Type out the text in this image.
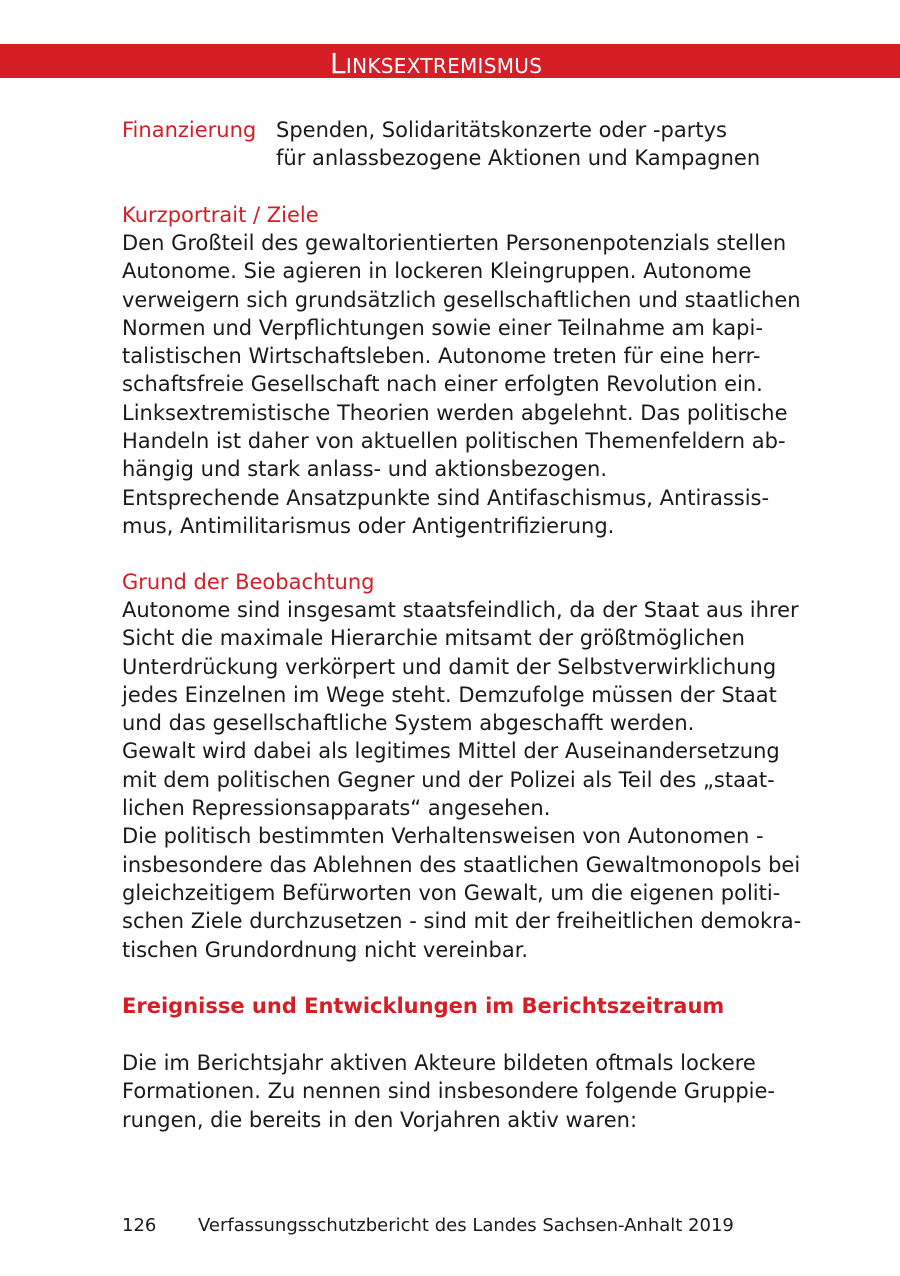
Linksextremismus
Finanzierung Spenden, Solidaritätskonzerte oder -partys
für anlassbezogene Aktionen und Kampagnen
Kurzportrait / Ziele
Den Großteil des gewaltorientierten Personenpotenzials stellen
Autonome. Sie agieren in lockeren Kleingruppen. Autonome
verweigern sich grundsätzlich gesellschaftlichen und staatlichen
Normen und Verpflichtungen sowie einer Teilnahme am kapi-
talistischen Wirtschaftsleben. Autonome treten für eine herr-
schaftsfreie Gesellschaft nach einer erfolgten Revolution ein.
Linksextremistische Theorien werden abgelehnt. Das politische
Handeln ist daher von aktuellen politischen Themenfeldern ab-
hängig und stark anlass- und aktionsbezogen.
Entsprechende Ansatzpunkte sind Antifaschismus, Antirassis-
mus, Antimilitarismus oder Antigentrifizierung.
Grund der Beobachtung
Autonome sind insgesamt staatsfeindlich, da der Staat aus ihrer
Sicht die maximale Hierarchie mitsamt der größtmöglichen
Unterdrückung verkörpert und damit der Selbstverwirklichung
jedes Einzelnen im Wege steht. Demzufolge müssen der Staat
und das gesellschaftliche System abgeschafft werden.
Gewalt wird dabei als legitimes Mittel der Auseinandersetzung
mit dem politischen Gegner und der Polizei als Teil des „staat-
lichen Repressionsapparats“ angesehen.
Die politisch bestimmten Verhaltensweisen von Autonomen -
insbesondere das Ablehnen des staatlichen Gewaltmonopols bei
gleichzeitigem Befürworten von Gewalt, um die eigenen politi-
schen Ziele durchzusetzen - sind mit der freiheitlichen demokra-
tischen Grundordnung nicht vereinbar.
Ereignisse und Entwicklungen im Berichtszeitraum
Die im Berichtsjahr aktiven Akteure bildeten oftmals lockere
Formationen. Zu nennen sind insbesondere folgende Gruppie-
rungen, die bereits in den Vorjahren aktiv waren:
126 Verfassungsschutzbericht des Landes Sachsen-Anhalt 2019
